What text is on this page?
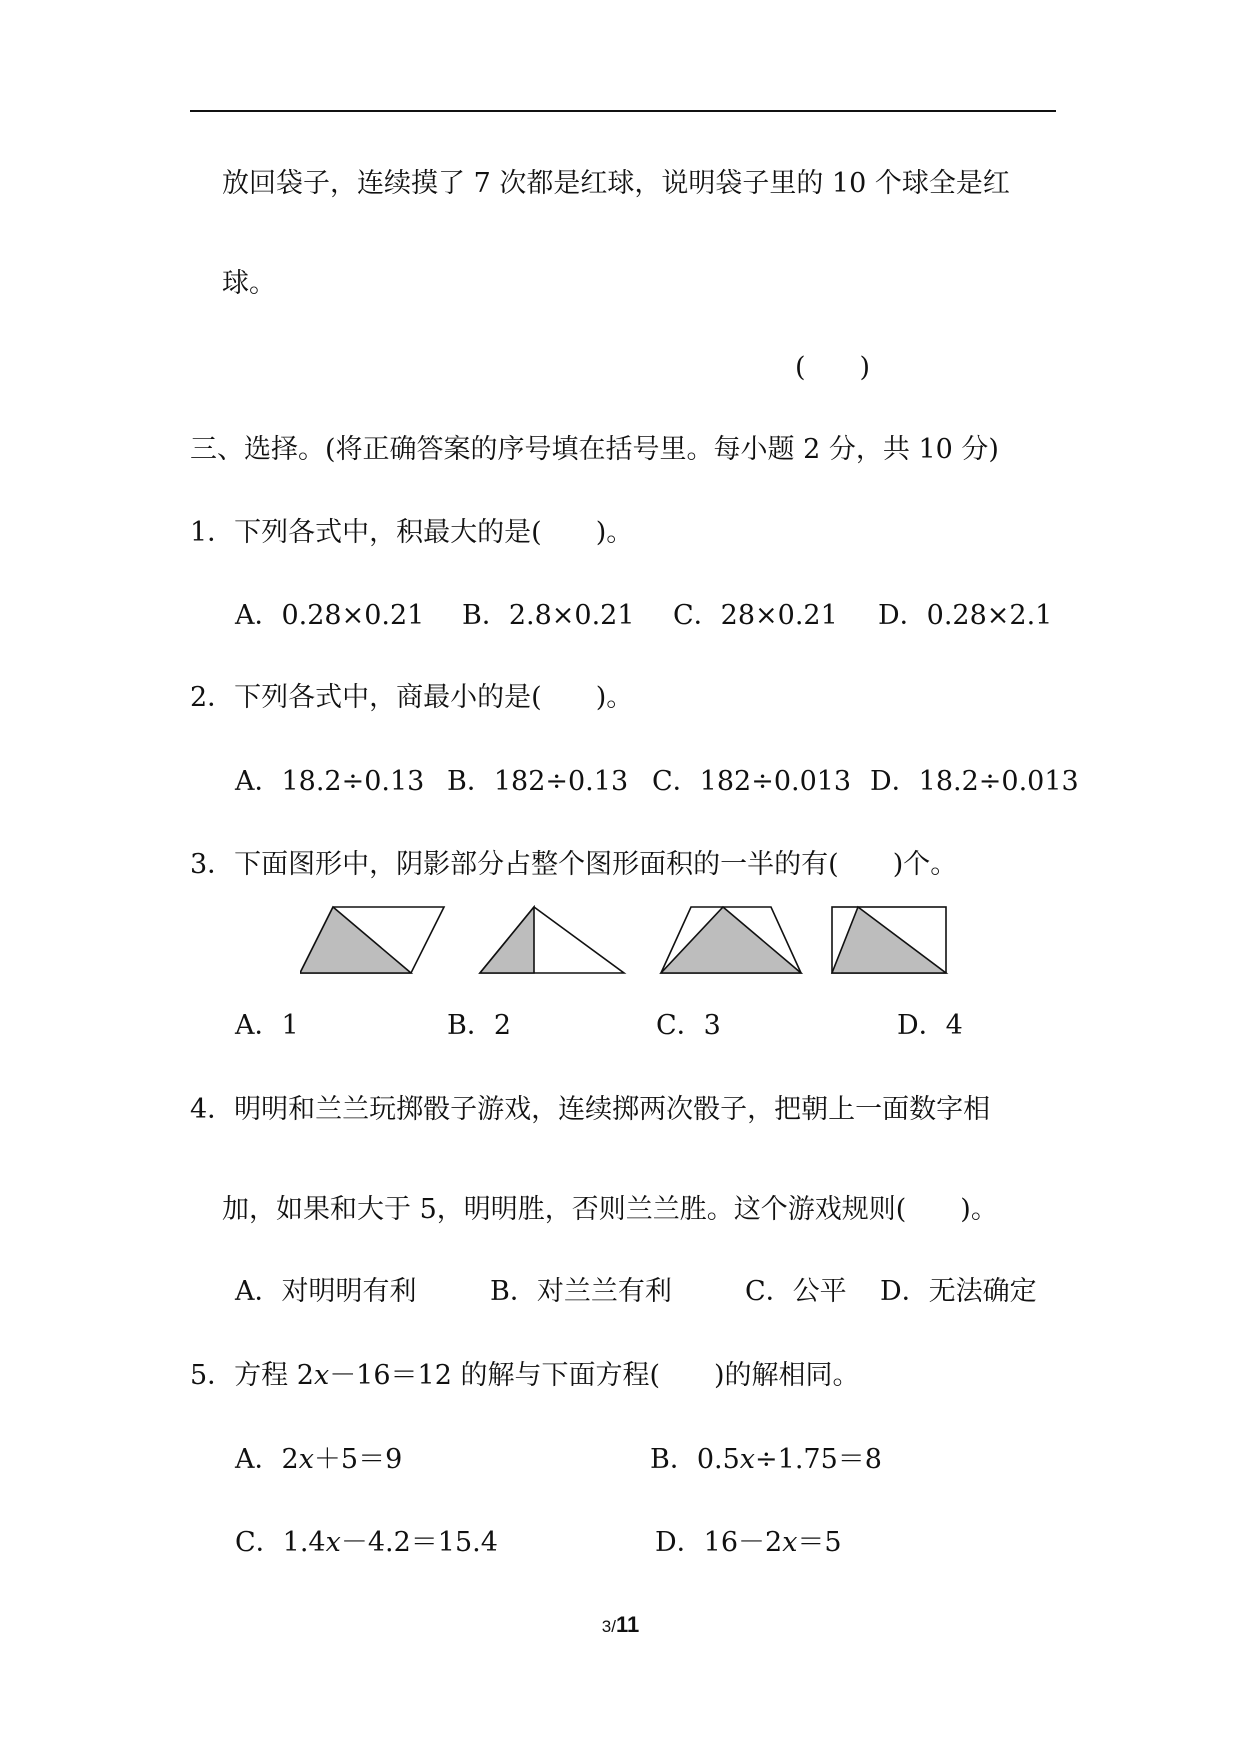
放回袋子，连续摸了 7 次都是红球，说明袋子里的 10 个球全是红
球。
(　　)
三、选择。(将正确答案的序号填在括号里。每小题 2 分，共 10 分)
1．下列各式中，积最大的是(　　)。
A．0.28×0.21 B．2.8×0.21 C．28×0.21 D．0.28×2.1
2．下列各式中，商最小的是(　　)。
A．18.2÷0.13 B．182÷0.13 C．182÷0.013 D．18.2÷0.013
3．下面图形中，阴影部分占整个图形面积的一半的有(　　)个。
A．1	B．2	C．3	D．4
4．明明和兰兰玩掷骰子游戏，连续掷两次骰子，把朝上一面数字相
加，如果和大于 5，明明胜，否则兰兰胜。这个游戏规则(　　)。
A．对明明有利	B．对兰兰有利	C．公平 D．无法确定
5．方程 2x－16＝12 的解与下面方程(　　)的解相同。
A．2x＋5＝9	B．0.5x÷1.75＝8
C．1.4x－4.2＝15.4	D．16－2x＝5
3/11
